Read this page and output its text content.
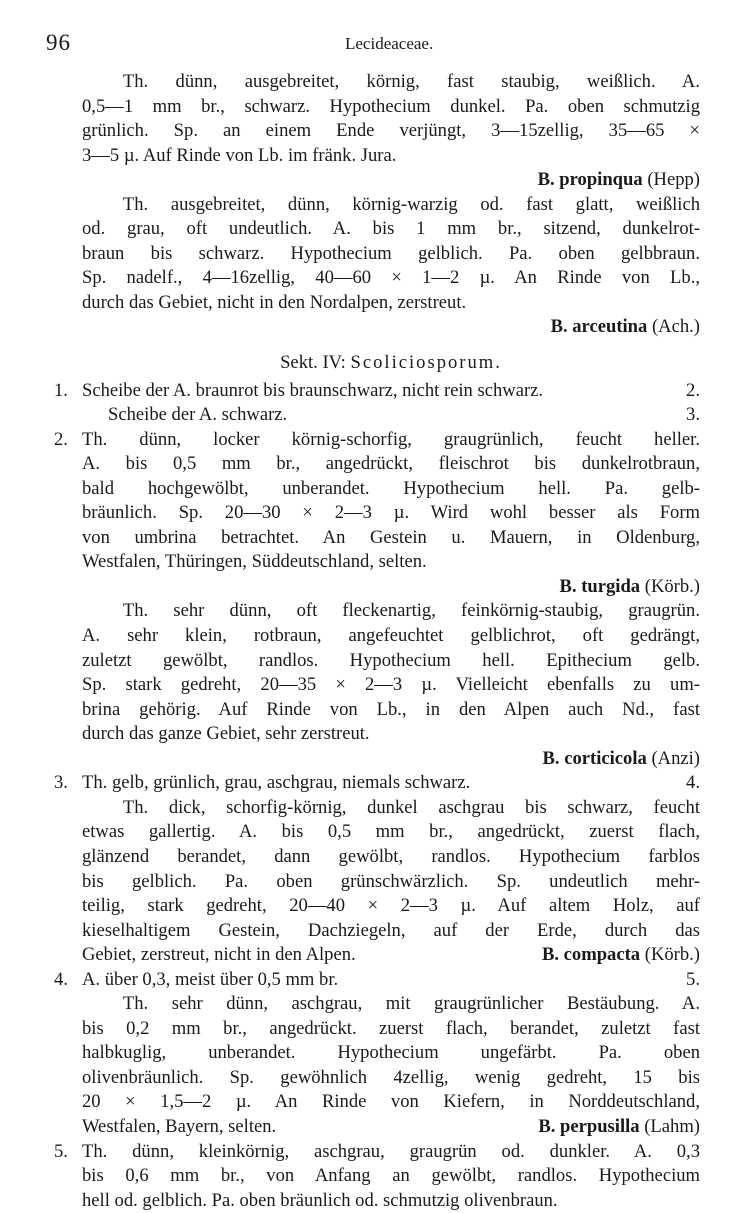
96	Lecideaceae.

Th. dünn, ausgebreitet, körnig, fast staubig, weißlich. A.

0,5—1 mm br., schwarz. Hypothecium dunkel. Pa. oben schmutzig

grünlich. Sp. an einem Ende verjüngt, 3—15zellig, 35—65 ×

3—5 µ. Auf Rinde von Lb. im fränk. Jura.

B. propinqua (Hepp)

Th. ausgebreitet, dünn, körnig-warzig od. fast glatt, weißlich

od. grau, oft undeutlich. A. bis 1 mm br., sitzend, dunkelrot-

braun bis schwarz. Hypothecium gelblich. Pa. oben gelbbraun.

Sp. nadelf., 4—16zellig, 40—60 × 1—2 µ. An Rinde von Lb.,

durch das Gebiet, nicht in den Nordalpen, zerstreut.

B. arceutina (Ach.)

Sekt. IV: Scoliciosporum.

1. Scheibe der A. braunrot bis braunschwarz, nicht rein schwarz.	2.

Scheibe der A. schwarz.	3.

2. Th. dünn, locker körnig-schorfig, graugrünlich, feucht heller.

A. bis 0,5 mm br., angedrückt, fleischrot bis dunkelrotbraun,

bald hochgewölbt, unberandet. Hypothecium hell. Pa. gelb-

bräunlich. Sp. 20—30 × 2—3 µ. Wird wohl besser als Form

von umbrina betrachtet. An Gestein u. Mauern, in Oldenburg,

Westfalen, Thüringen, Süddeutschland, selten.

B. turgida (Körb.)

Th. sehr dünn, oft fleckenartig, feinkörnig-staubig, graugrün.

A. sehr klein, rotbraun, angefeuchtet gelblichrot, oft gedrängt,

zuletzt gewölbt, randlos. Hypothecium hell. Epithecium gelb.

Sp. stark gedreht, 20—35 × 2—3 µ. Vielleicht ebenfalls zu um-

brina gehörig. Auf Rinde von Lb., in den Alpen auch Nd., fast

durch das ganze Gebiet, sehr zerstreut.

B. corticicola (Anzi)

3. Th. gelb, grünlich, grau, aschgrau, niemals schwarz.	4.

Th. dick, schorfig-körnig, dunkel aschgrau bis schwarz, feucht

etwas gallertig. A. bis 0,5 mm br., angedrückt, zuerst flach,

glänzend berandet, dann gewölbt, randlos. Hypothecium farblos

bis gelblich. Pa. oben grünschwärzlich. Sp. undeutlich mehr-

teilig, stark gedreht, 20—40 × 2—3 µ. Auf altem Holz, auf

kieselhaltigem Gestein, Dachziegeln, auf der Erde, durch das

Gebiet, zerstreut, nicht in den Alpen.	B. compacta (Körb.)

4. A. über 0,3, meist über 0,5 mm br.	5.

Th. sehr dünn, aschgrau, mit graugrünlicher Bestäubung. A.

bis 0,2 mm br., angedrückt. zuerst flach, berandet, zuletzt fast

halbkuglig, unberandet. Hypothecium ungefärbt. Pa. oben

olivenbräunlich. Sp. gewöhnlich 4zellig, wenig gedreht, 15 bis

20 × 1,5—2 µ. An Rinde von Kiefern, in Norddeutschland,

Westfalen, Bayern, selten.	B. perpusilla (Lahm)

5. Th. dünn, kleinkörnig, aschgrau, graugrün od. dunkler. A. 0,3

bis 0,6 mm br., von Anfang an gewölbt, randlos. Hypothecium

hell od. gelblich. Pa. oben bräunlich od. schmutzig olivenbraun.
